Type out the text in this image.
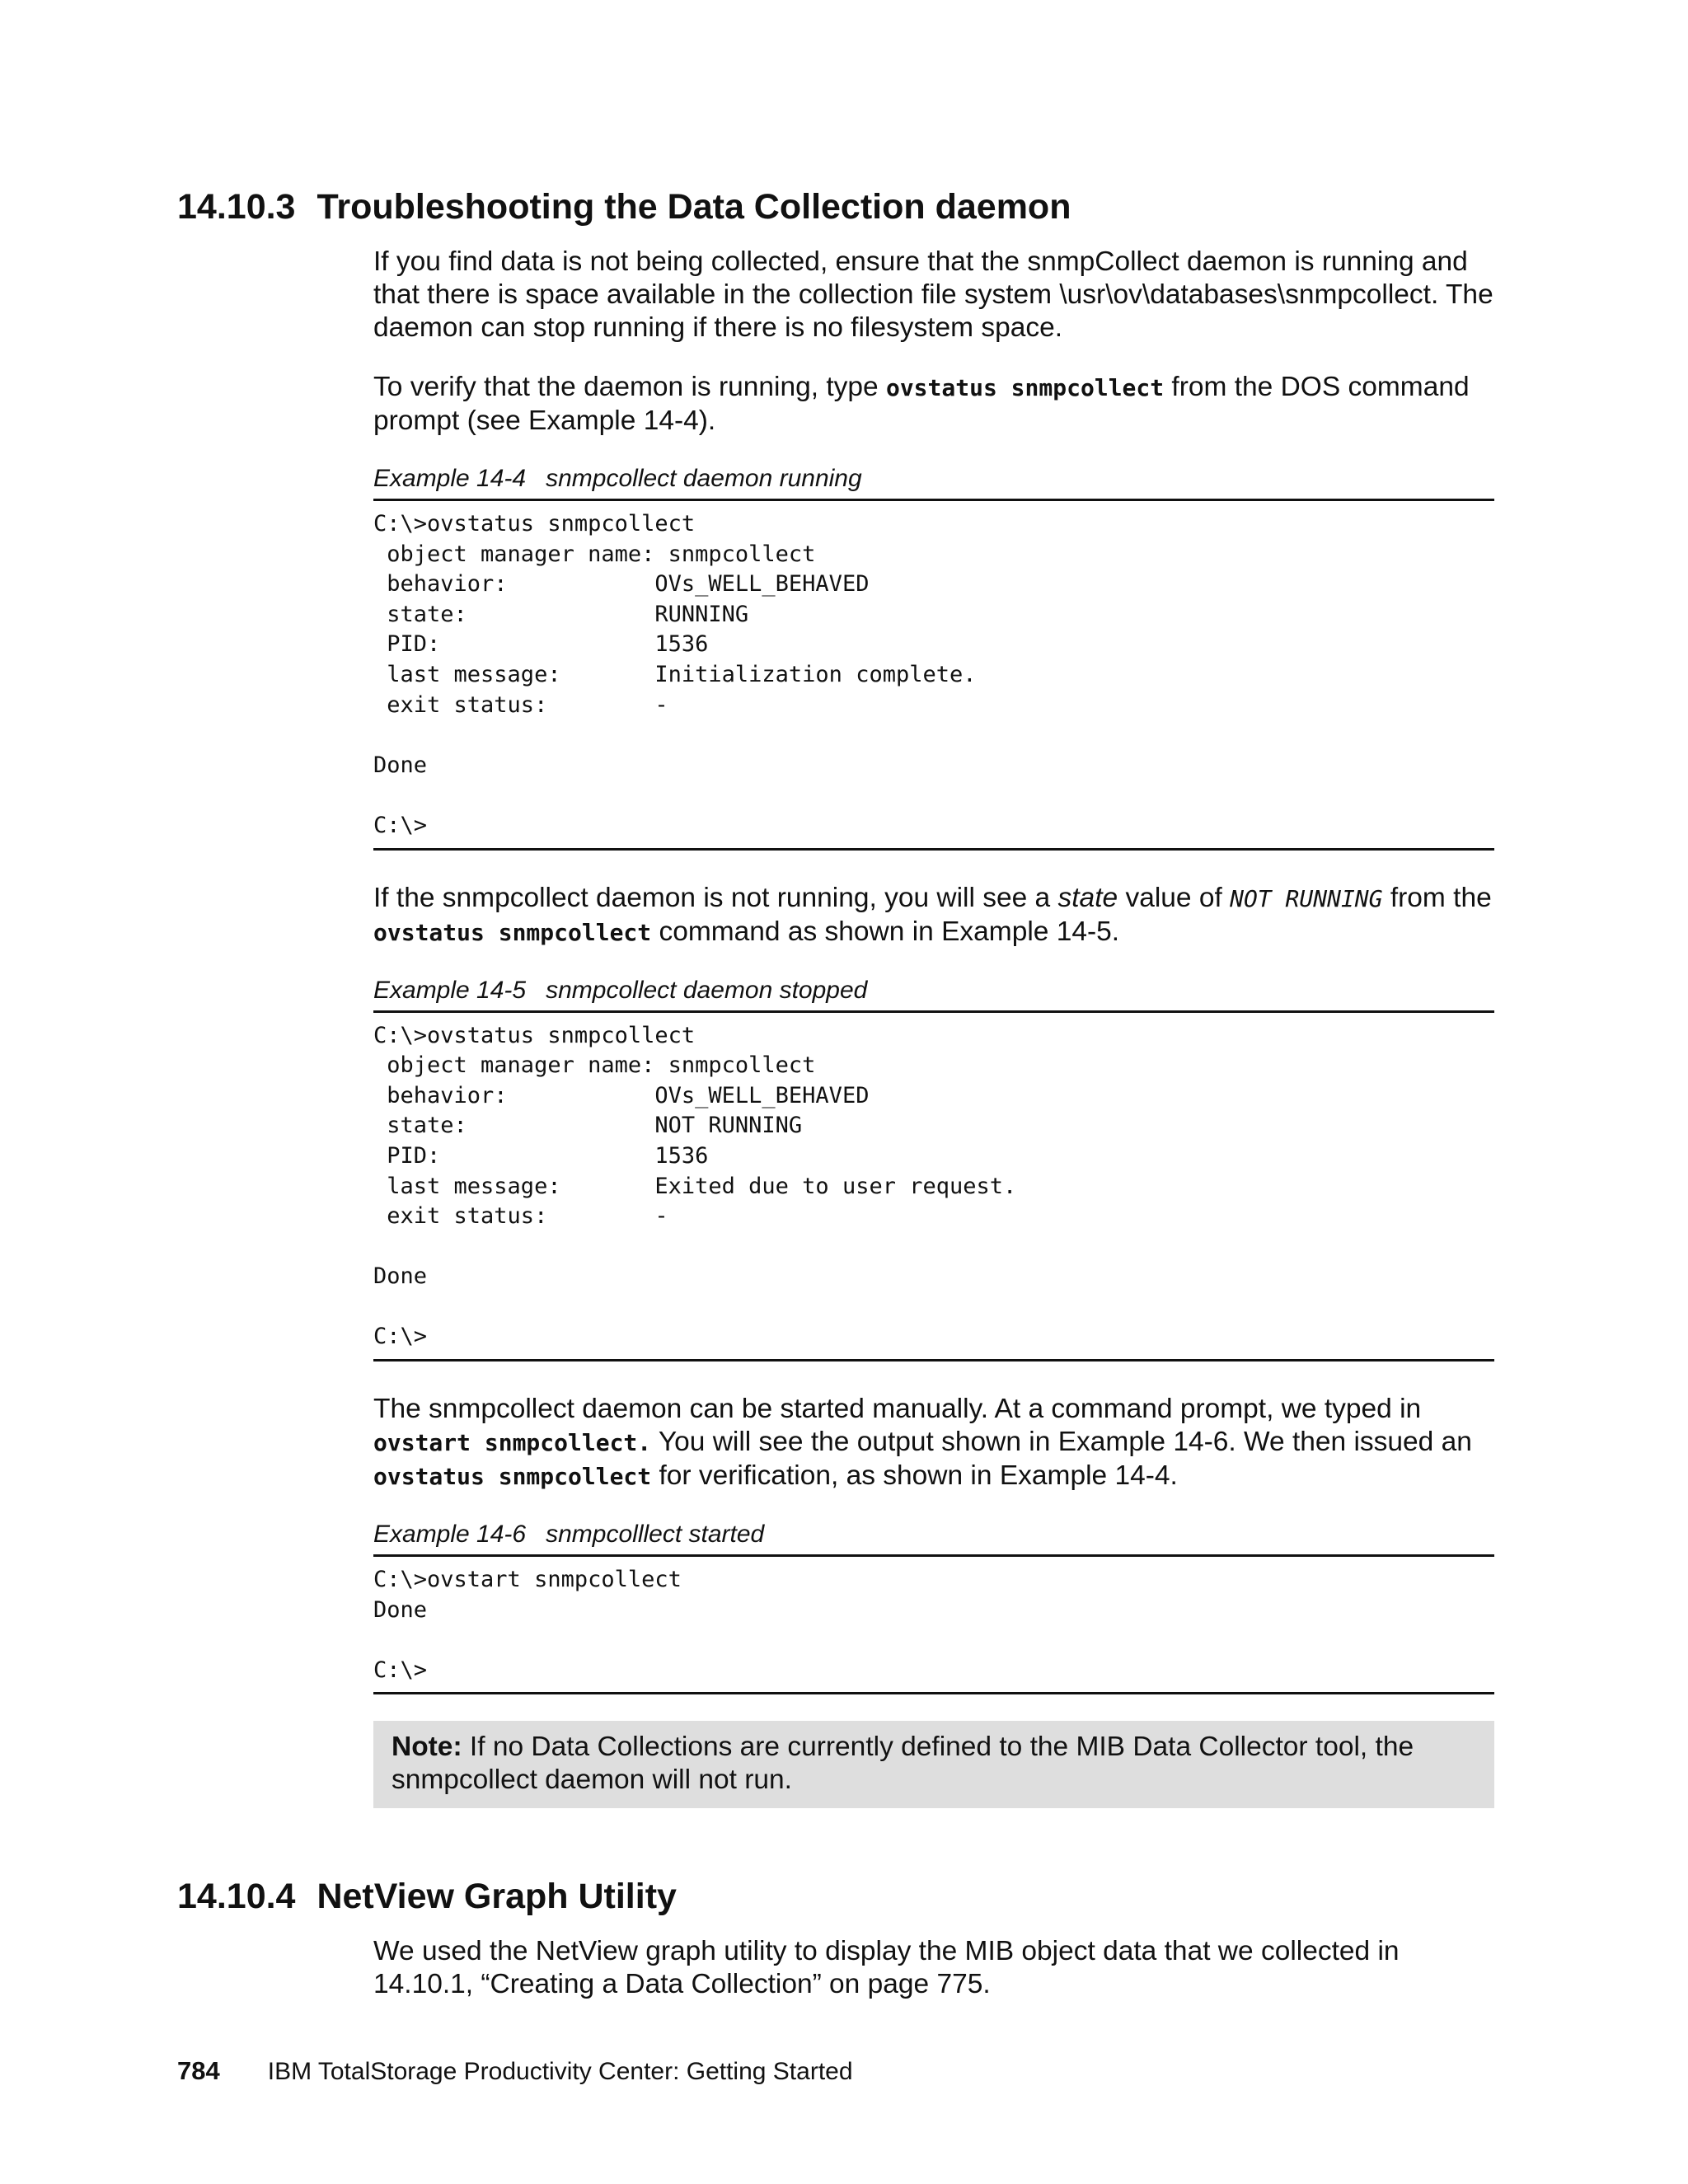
14.10.3 Troubleshooting the Data Collection daemon

If you find data is not being collected, ensure that the snmpCollect daemon is running and that there is space available in the collection file system \usr\ov\databases\snmpcollect. The daemon can stop running if there is no filesystem space.

To verify that the daemon is running, type ovstatus snmpcollect from the DOS command prompt (see Example 14-4).

Example 14-4 snmpcollect daemon running

C:\>ovstatus snmpcollect
object manager name: snmpcollect
behavior:           OVs_WELL_BEHAVED
state:              RUNNING
PID:                1536
last message:       Initialization complete.
exit status:        -
Done
C:\>

If the snmpcollect daemon is not running, you will see a state value of NOT RUNNING from the ovstatus snmpcollect command as shown in Example 14-5.

Example 14-5 snmpcollect daemon stopped

C:\>ovstatus snmpcollect
object manager name: snmpcollect
behavior:           OVs_WELL_BEHAVED
state:              NOT RUNNING
PID:                1536
last message:       Exited due to user request.
exit status:        -
Done
C:\>

The snmpcollect daemon can be started manually. At a command prompt, we typed in ovstart snmpcollect. You will see the output shown in Example 14-6. We then issued an ovstatus snmpcollect for verification, as shown in Example 14-4.

Example 14-6 snmpcolllect started

C:\>ovstart snmpcollect
Done
C:\>
Note: If no Data Collections are currently defined to the MIB Data Collector tool, the snmpcollect daemon will not run.
14.10.4 NetView Graph Utility

We used the NetView graph utility to display the MIB object data that we collected in 14.10.1, “Creating a Data Collection” on page 775.

784 IBM TotalStorage Productivity Center: Getting Started
